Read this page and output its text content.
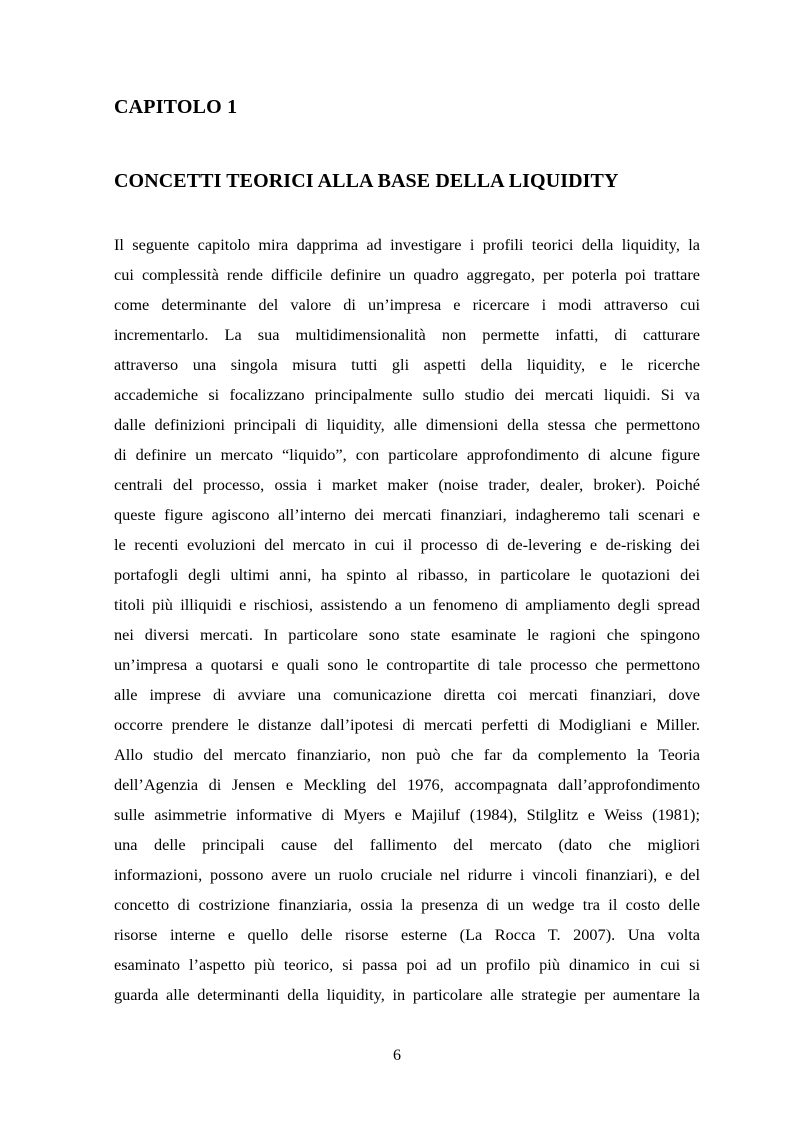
CAPITOLO 1
CONCETTI TEORICI ALLA BASE DELLA LIQUIDITY
Il seguente capitolo mira dapprima ad investigare i profili teorici della liquidity, la
cui complessità rende difficile definire un quadro aggregato, per poterla poi trattare
come determinante del valore di un’impresa e ricercare i modi attraverso cui
incrementarlo. La sua multidimensionalità non permette infatti, di catturare
attraverso una singola misura tutti gli aspetti della liquidity, e le ricerche
accademiche si focalizzano principalmente sullo studio dei mercati liquidi. Si va
dalle definizioni principali di liquidity, alle dimensioni della stessa che permettono
di definire un mercato “liquido”, con particolare approfondimento di alcune figure
centrali del processo, ossia i market maker (noise trader, dealer, broker). Poiché
queste figure agiscono all’interno dei mercati finanziari, indagheremo tali scenari e
le recenti evoluzioni del mercato in cui il processo di de-levering e de-risking dei
portafogli degli ultimi anni, ha spinto al ribasso, in particolare le quotazioni dei
titoli più illiquidi e rischiosi, assistendo a un fenomeno di ampliamento degli spread
nei diversi mercati. In particolare sono state esaminate le ragioni che spingono
un’impresa a quotarsi e quali sono le contropartite di tale processo che permettono
alle imprese di avviare una comunicazione diretta coi mercati finanziari, dove
occorre prendere le distanze dall’ipotesi di mercati perfetti di Modigliani e Miller.
Allo studio del mercato finanziario, non può che far da complemento la Teoria
dell’Agenzia di Jensen e Meckling del 1976, accompagnata dall’approfondimento
sulle asimmetrie informative di Myers e Majiluf (1984), Stilglitz e Weiss (1981);
una delle principali cause del fallimento del mercato (dato che migliori
informazioni, possono avere un ruolo cruciale nel ridurre i vincoli finanziari), e del
concetto di costrizione finanziaria, ossia la presenza di un wedge tra il costo delle
risorse interne e quello delle risorse esterne (La Rocca T. 2007). Una volta
esaminato l’aspetto più teorico, si passa poi ad un profilo più dinamico in cui si
guarda alle determinanti della liquidity, in particolare alle strategie per aumentare la

6
